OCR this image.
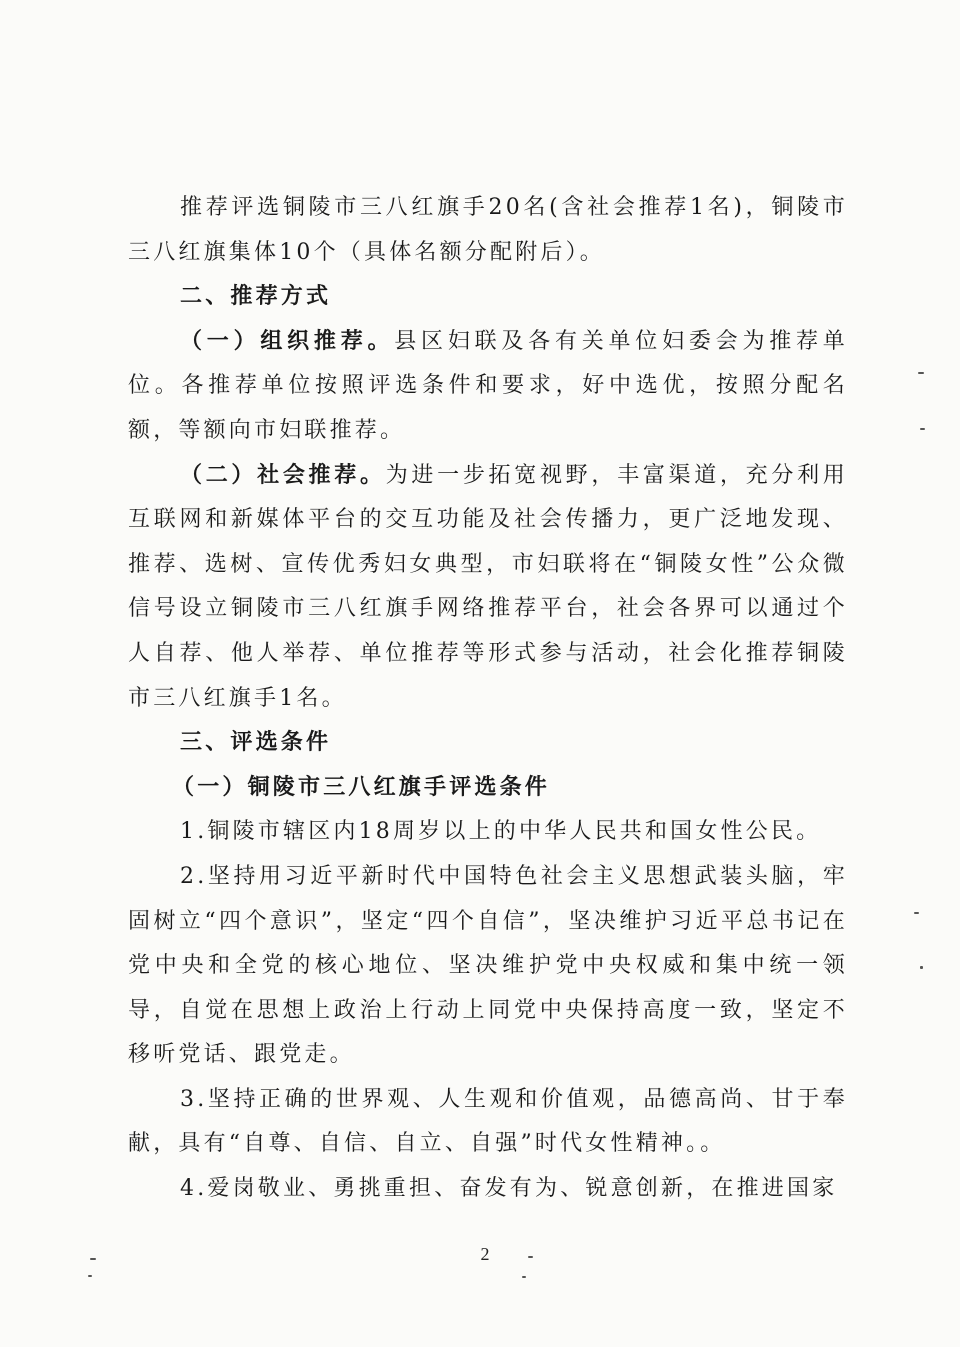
推荐评选铜陵市三八红旗手20名(含社会推荐1名)，铜陵市三八红旗集体10个（具体名额分配附后）。

二、推荐方式

（一）组织推荐。县区妇联及各有关单位妇委会为推荐单位。各推荐单位按照评选条件和要求，好中选优，按照分配名额，等额向市妇联推荐。

（二）社会推荐。为进一步拓宽视野，丰富渠道，充分利用互联网和新媒体平台的交互功能及社会传播力，更广泛地发现、推荐、选树、宣传优秀妇女典型，市妇联将在“铜陵女性”公众微信号设立铜陵市三八红旗手网络推荐平台，社会各界可以通过个人自荐、他人举荐、单位推荐等形式参与活动，社会化推荐铜陵市三八红旗手1名。

三、评选条件

（一）铜陵市三八红旗手评选条件

1.铜陵市辖区内18周岁以上的中华人民共和国女性公民。

2.坚持用习近平新时代中国特色社会主义思想武装头脑，牢固树立“四个意识”，坚定“四个自信”，坚决维护习近平总书记在党中央和全党的核心地位、坚决维护党中央权威和集中统一领导，自觉在思想上政治上行动上同党中央保持高度一致，坚定不移听党话、跟党走。

3.坚持正确的世界观、人生观和价值观，品德高尚、甘于奉献，具有“自尊、自信、自立、自强”时代女性精神。。

4.爱岗敬业、勇挑重担、奋发有为、锐意创新，在推进国家

2
